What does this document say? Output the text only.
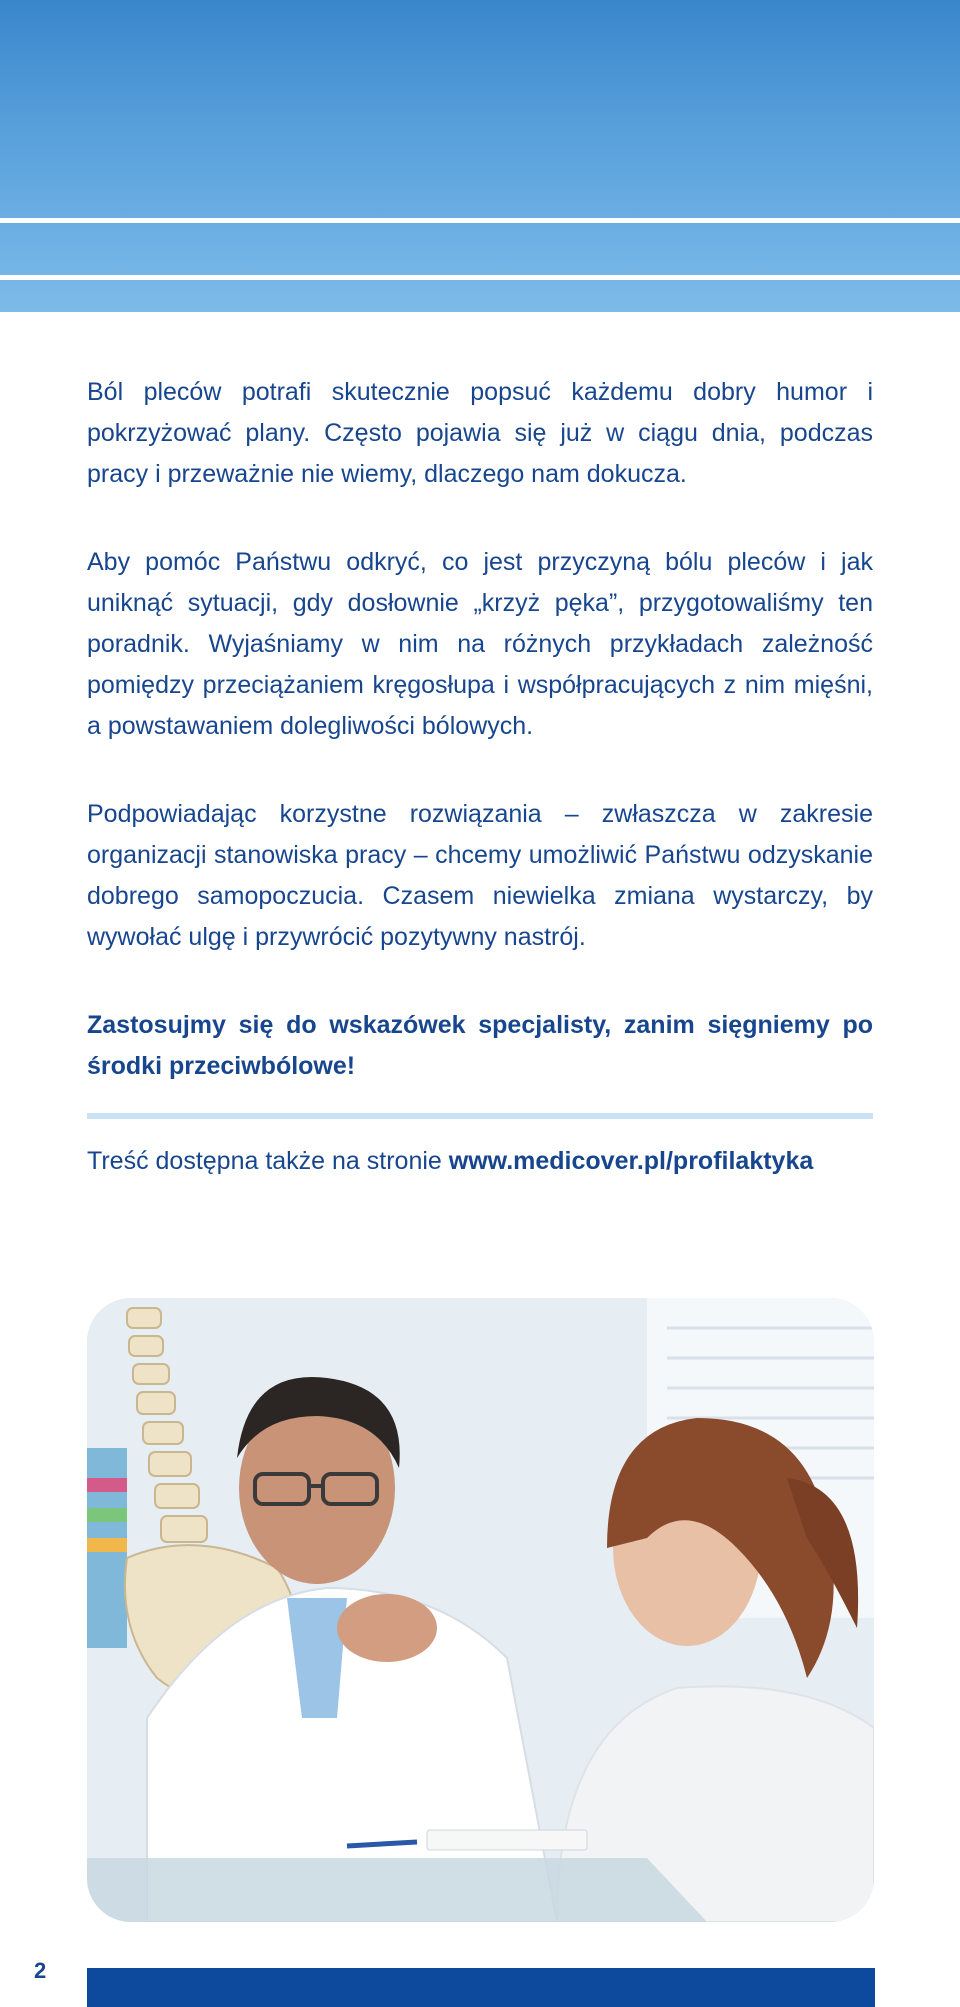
Ból pleców potrafi skutecznie popsuć każdemu dobry humor i pokrzyżować plany. Często pojawia się już w ciągu dnia, podczas pracy i przeważnie nie wiemy, dlaczego nam dokucza.

Aby pomóc Państwu odkryć, co jest przyczyną bólu pleców i jak uniknąć sytuacji, gdy dosłownie „krzyż pęka”, przygotowaliśmy ten poradnik. Wyjaśniamy w nim na różnych przykładach zależność pomiędzy przeciążaniem kręgosłupa i współpracujących z nim mięśni, a powstawaniem dolegliwości bólowych.

Podpowiadając korzystne rozwiązania – zwłaszcza w zakresie organizacji stanowiska pracy – chcemy umożliwić Państwu odzyskanie dobrego samopoczucia. Czasem niewielka zmiana wystarczy, by wywołać ulgę i przywrócić pozytywny nastrój.

Zastosujmy się do wskazówek specjalisty, zanim sięgniemy po środki przeciwbólowe!

Treść dostępna także na stronie www.medicover.pl/profilaktyka

2
